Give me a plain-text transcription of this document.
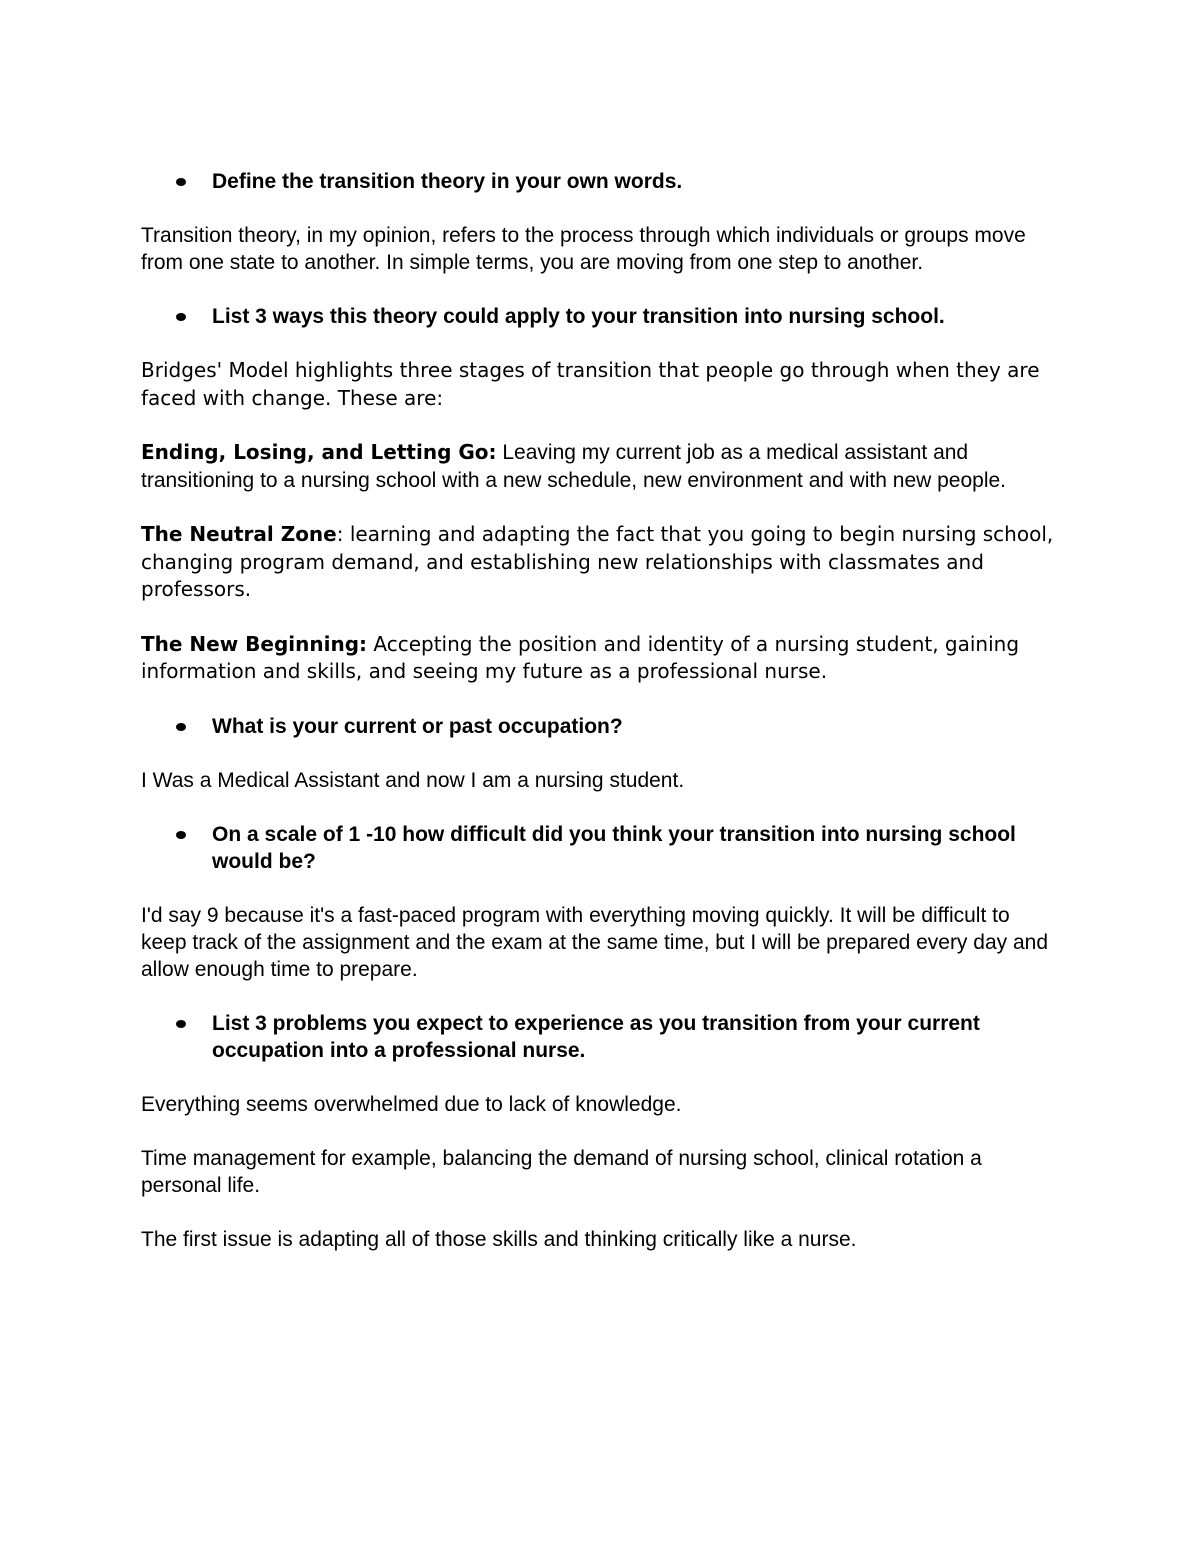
Define the transition theory in your own words.
Transition theory, in my opinion, refers to the process through which individuals or groups move from one state to another. In simple terms, you are moving from one step to another.
List 3 ways this theory could apply to your transition into nursing school.
Bridges' Model highlights three stages of transition that people go through when they are faced with change. These are:
Ending, Losing, and Letting Go: Leaving my current job as a medical assistant and transitioning to a nursing school with a new schedule, new environment and with new people.
The Neutral Zone: learning and adapting the fact that you going to begin nursing school, changing program demand, and establishing new relationships with classmates and professors.
The New Beginning: Accepting the position and identity of a nursing student, gaining information and skills, and seeing my future as a professional nurse.
What is your current or past occupation?
I Was a Medical Assistant and now I am a nursing student.
On a scale of 1 -10 how difficult did you think your transition into nursing school would be?
I'd say 9 because it's a fast-paced program with everything moving quickly. It will be difficult to keep track of the assignment and the exam at the same time, but I will be prepared every day and allow enough time to prepare.
List 3 problems you expect to experience as you transition from your current occupation into a professional nurse.
Everything seems overwhelmed due to lack of knowledge.
Time management for example, balancing the demand of nursing school, clinical rotation a personal life.
The first issue is adapting all of those skills and thinking critically like a nurse.
